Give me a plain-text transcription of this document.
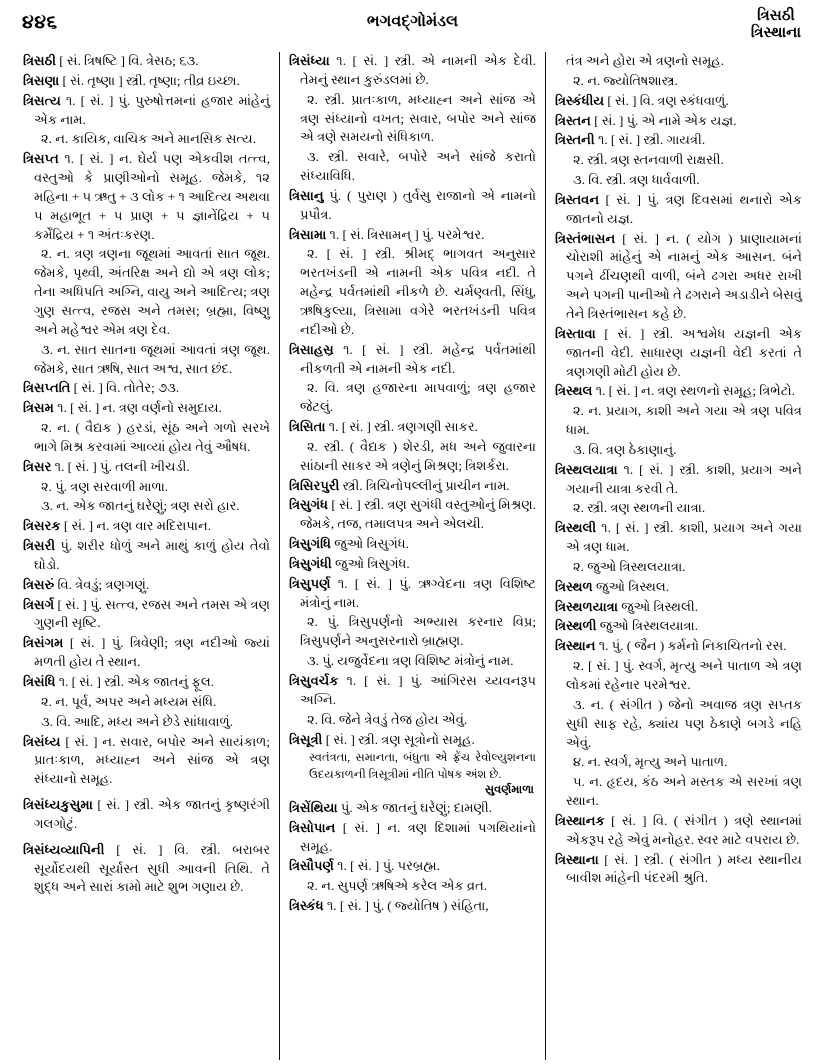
૪૪૬	ભગવદ્ગોમંડલ	ત્રિસઠી
ત્રિસ્થાના

ત્રિસઠી [ સં. ત્રિષષ્ટિ ] વિ. ત્રેસઠ; ૬૩.

ત્રિસણા [ સં. તૃષ્ણા ] સ્ત્રી. તૃષ્ણા; તીવ્ર ઇચ્છા.

ત્રિસત્ય ૧. [ સં. ] પું. પુરુષોત્તમનાં હજાર માંહેનું એક નામ.

૨. ન. કાયિક, વાચિક અને માનસિક સત્ય.

ત્રિસપ્ત ૧. [ સં. ] ન. ઘેર્ય પણ એકવીશ તત્ત્વ, વસ્તુઓ કે પ્રાણીઓનો સમૂહ. જેમકે, ૧૨ મહિના + ૫ ઋતુ + ૩ લોક + ૧ આદિત્ય અથવા ૫ મહાભૂત + ૫ પ્રાણ + ૫ જ્ઞાનેંદ્રિય + ૫ કર્મેંદ્રિય + ૧ અંતઃકરણ.

૨. ન. ત્રણ ત્રણના જૂથમાં આવતાં સાત જૂથ. જેમકે, પૃથ્વી, અંતરિક્ષ અને દ્યો એ ત્રણ લોક; તેના અધિપતિ અગ્નિ, વાયુ અને આદિત્ય; ત્રણ ગુણ સત્ત્વ, રજસ અને તમસ; બ્રહ્મા, વિષ્ણુ અને મહેશ્વર એમ ત્રણ દેવ.

૩. ન. સાત સાતના જૂથમાં આવતાં ત્રણ જૂથ. જેમકે, સાત ઋષિ, સાત અશ્વ, સાત છંદ.

ત્રિસપ્તતિ [ સં. ] વિ. તોતેર; ૭૩.

ત્રિસમ ૧. [ સં. ] ન. ત્રણ વર્ણનો સમુદાય.

૨. ન. ( વૈદ્યક ) હરડાં, સૂંઠ અને ગળો સરખે ભાગે મિશ્ર કરવામાં આવ્યાં હોય તેવું ઔષધ.

ત્રિસર ૧. [ સં. ] પું. તલની ખીચડી.

૨. પું. ત્રણ સરવાળી માળા.

૩. ન. એક જાતનું ઘરેણું; ત્રણ સરો હાર.

ત્રિસરક [ સં. ] ન. ત્રણ વાર મદિરાપાન.

ત્રિસરી પું. શરીર ધોળું અને માથું કાળું હોય તેવો ઘોડો.

ત્રિસરું વિ. ત્રેવડું; ત્રણગણું.

ત્રિસર્ગ [ સં. ] પું. સત્ત્વ, રજસ અને તમસ એ ત્રણ ગુણની સૃષ્ટિ.

ત્રિસંગમ [ સં. ] પું. ત્રિવેણી; ત્રણ નદીઓ જ્યાં મળતી હોય તે સ્થાન.

ત્રિસંધિ ૧. [ સં. ] સ્ત્રી. એક જાતનું ફૂલ.

૨. ન. પૂર્વ, અપર અને મધ્યમ સંધિ.

૩. વિ. આદિ, મધ્ય અને છેડે સાંધાવાળું.

ત્રિસંધ્ય [ સં. ] ન. સવાર, બપોર અને સાયંકાળ; પ્રાતઃકાળ, મધ્યાહ્ન અને સાંજ એ ત્રણ સંધ્યાનો સમૂહ.

ત્રિસંધ્યકુસુમા [ સં. ] સ્ત્રી. એક જાતનું કૃષ્ણરંગી ગલગોટું.

ત્રિસંધ્યવ્યાપિની [ સં. ] વિ. સ્ત્રી. બરાબર સૂર્યોદયથી સૂર્યાસ્ત સુધી આવની તિથિ. તે શુદ્ધ અને સારાં કામો માટે શુભ ગણાય છે.

ત્રિસંધ્યા ૧. [ સં. ] સ્ત્રી. એ નામની એક દેવી. તેમનું સ્થાન કુરુંડલમાં છે.

૨. સ્ત્રી. પ્રાતઃકાળ, મધ્યાહ્ન અને સાંજ એ ત્રણ સંધ્યાનો વખત; સવાર, બપોર અને સાંજ એ ત્રણે સમયનો સંધિકાળ.

૩. સ્ત્રી. સવારે, બપોરે અને સાંજે કરાતો સંધ્યાવિધિ.

ત્રિસાનુ પું. ( પુરાણ ) તુર્વસુ રાજાનો એ નામનો પ્રપૌત્ર.

ત્રિસામા ૧. [ સં. ત્રિસામન્ ] પું. પરમેશ્વર.

૨. [ સં. ] સ્ત્રી. શ્રીમદ્ ભાગવત અનુસાર ભરતખંડની એ નામની એક પવિત્ર નદી. તે મહેન્દ્ર પર્વતમાંથી નીકળે છે. ચર્મણ્વતી, સિંધુ, ઋષિકુલ્યા, ત્રિસામા વગેરે ભરતખંડની પવિત્ર નદીઓ છે.

ત્રિસાહસ્ર ૧. [ સં. ] સ્ત્રી. મહેન્દ્ર પર્વતમાંથી નીકળતી એ નામની એક નદી.

૨. વિ. ત્રણ હજારના માપવાળું; ત્રણ હજાર જેટલું.

ત્રિસિતા ૧. [ સં. ] સ્ત્રી. ત્રણગણી સાકર.

૨. સ્ત્રી. ( વૈદ્યક ) શેરડી, મધ અને જુવારના સાંઠાની સાકર એ ત્રણેનું મિશ્રણ; ત્રિશર્કરા.

ત્રિસિરપુરી સ્ત્રી. ત્રિચિનોપલ્લીનું પ્રાચીન નામ.

ત્રિસુગંધ [ સં. ] સ્ત્રી. ત્રણ સુગંધી વસ્તુઓનું મિશ્રણ. જેમકે, તજ, તમાલપત્ર અને એલચી.

ત્રિસુગંધિ જુઓ ત્રિસુગંધ.

ત્રિસુગંધી જુઓ ત્રિસુગંધ.

ત્રિસુપર્ણ ૧. [ સં. ] પું. ઋગ્વેદના ત્રણ વિશિષ્ટ મંત્રોનું નામ.

૨. પું. ત્રિસુપર્ણનો અભ્યાસ કરનાર વિપ્ર; ત્રિસુપર્ણને અનુસરનારો બ્રાહ્મણ.

૩. પું. યજુર્વેદના ત્રણ વિશિષ્ટ મંત્રોનું નામ.

ત્રિસુવર્ચક ૧. [ સં. ] પું. આંગિરસ ચ્યવનરૂપ અગ્નિ.

૨. વિ. જેને ત્રેવડું તેજ હોય એવું.

ત્રિસૂત્રી [ સં. ] સ્ત્રી. ત્રણ સૂત્રોનો સમૂહ.

સ્વતંત્રતા, સમાનતા, બંધુતા એ ફ્રેંચ રેવોલ્યુશનના ઉદયકાળની ત્રિસૂત્રીમાં નીતિ પોષક અંશ છે.
સુવર્ણમાળા

ત્રિસેંથિયા પું. એક જાતનું ઘરેણું; દામણી.

ત્રિસોપાન [ સં. ] ન. ત્રણ દિશામાં પગથિયાંનો સમૂહ.

ત્રિસૌપર્ણ ૧. [ સં. ] પું. પરબ્રહ્મ.

૨. ન. સુપર્ણ ઋષિએ કરેલ એક વ્રત.

ત્રિસ્કંધ ૧. [ સં. ] પું. ( જ્યોતિષ ) સંહિતા,

તંત્ર અને હોરા એ ત્રણનો સમૂહ.

૨. ન. જ્યોતિષશાસ્ત્ર.

ત્રિસ્કંધીય [ સં. ] વિ. ત્રણ સ્કંધવાળું.

ત્રિસ્તન [ સં. ] પું. એ નામે એક યજ્ઞ.

ત્રિસ્તની ૧. [ સં. ] સ્ત્રી. ગાયત્રી.

૨. સ્ત્રી. ત્રણ સ્તનવાળી રાક્ષસી.

૩. વિ. સ્ત્રી. ત્રણ ધાર્વવાળી.

ત્રિસ્તવન [ સં. ] પું. ત્રણ દિવસમાં થનારો એક જાતનો યજ્ઞ.

ત્રિસ્તંભાસન [ સં. ] ન. ( યોગ ) પ્રાણાયામનાં ચોરાશી માંહેનું એ નામનું એક આસન. બંને પગને ઢીંચણથી વાળી, બંને ઢગરા અધર રાખી અને પગની પાનીઓ તે ઢગરાને અડાડીને બેસવું તેને ત્રિસ્તંભાસન કહે છે.

ત્રિસ્તાવા [ સં. ] સ્ત્રી. અશ્વમેધ યજ્ઞની એક જાતની વેદી. સાધારણ યજ્ઞની વેદી કરતાં તે ત્રણગણી મોટી હોય છે.

ત્રિસ્થલ ૧. [ સં. ] ન. ત્રણ સ્થળનો સમૂહ; ત્રિભેટો.

૨. ન. પ્રયાગ, કાશી અને ગયા એ ત્રણ પવિત્ર ધામ.

૩. વિ. ત્રણ ઠેકાણાનું.

ત્રિસ્થલયાત્રા ૧. [ સં. ] સ્ત્રી. કાશી, પ્રયાગ અને ગયાની યાત્રા કરવી તે.

૨. સ્ત્રી. ત્રણ સ્થળની યાત્રા.

ત્રિસ્થલી ૧. [ સં. ] સ્ત્રી. કાશી, પ્રયાગ અને ગયા એ ત્રણ ધામ.

૨. જુઓ ત્રિસ્થલયાત્રા.

ત્રિસ્થળ જુઓ ત્રિસ્થલ.

ત્રિસ્થળયાત્રા જુઓ ત્રિસ્થલી.

ત્રિસ્થળી જુઓ ત્રિસ્થલયાત્રા.

ત્રિસ્થાન ૧. પું. ( જૈન ) કર્મનો નિકાચિતનો રસ.

૨. [ સં. ] પું. સ્વર્ગ, મૃત્યુ અને પાતાળ એ ત્રણ લોકમાં રહેનાર પરમેશ્વર.

૩. ન. ( સંગીત ) જેનો અવાજ ત્રણ સપ્તક સુધી સાફ રહે, ક્યાંય પણ ઠેકાણે બગડે નહિ એવું.

૪. ન. સ્વર્ગ, મૃત્યુ અને પાતાળ.

૫. ન. હૃદય, કંઠ અને મસ્તક એ સરખાં ત્રણ સ્થાન.

ત્રિસ્થાનક [ સં. ] વિ. ( સંગીત ) ત્રણે સ્થાનમાં એકરૂપ રહે એવું મનોહર. સ્વર માટે વપરાય છે.

ત્રિસ્થાના [ સં. ] સ્ત્રી. ( સંગીત ) મધ્ય સ્થાનીય બાવીશ માંહેની પંદરમી શ્રુતિ.
